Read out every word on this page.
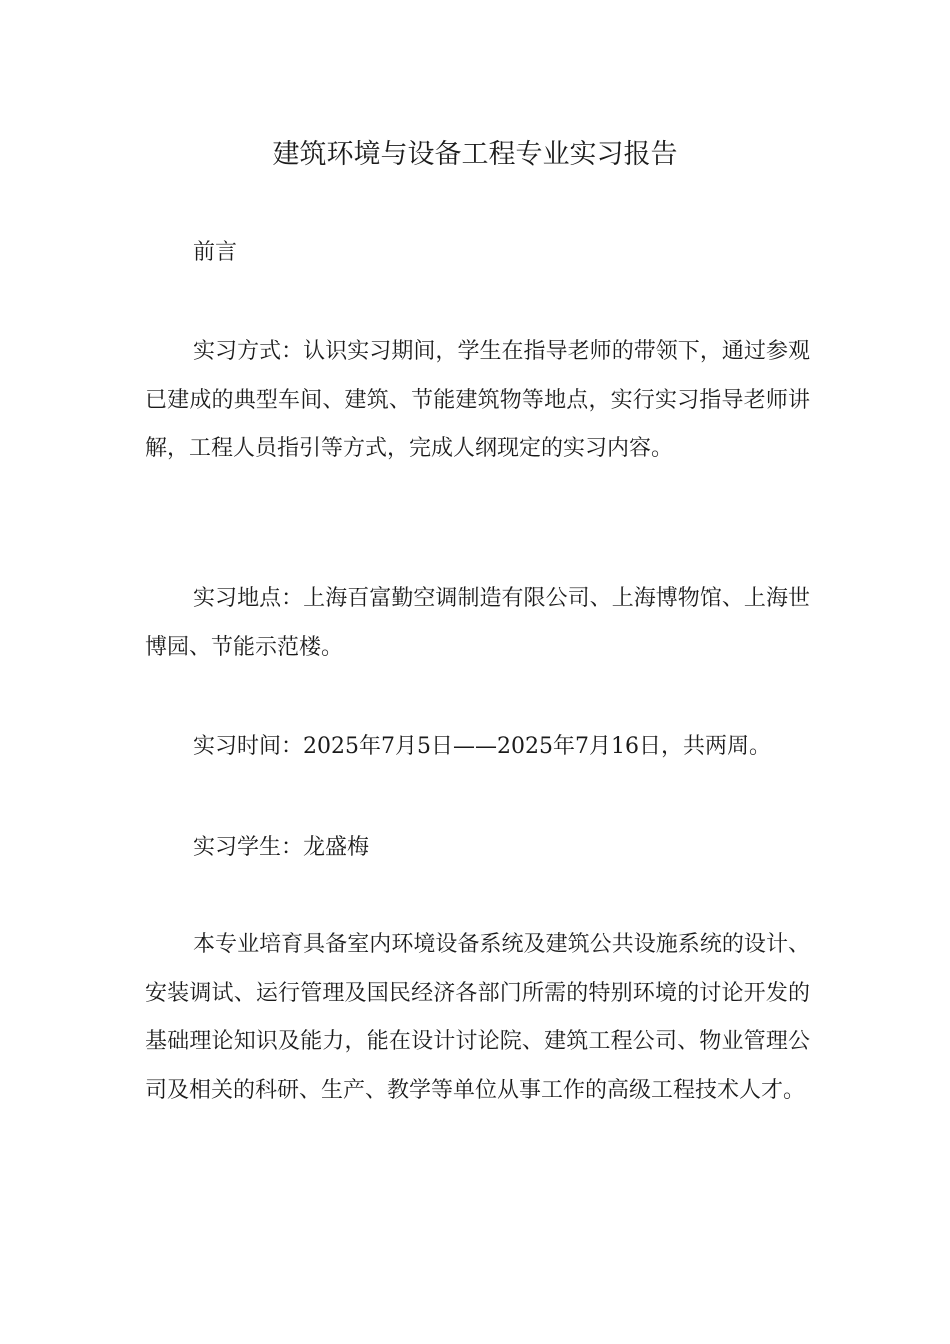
建筑环境与设备工程专业实习报告

前言

实习方式：认识实习期间，学生在指导老师的带领下，通过参观已建成的典型车间、建筑、节能建筑物等地点，实行实习指导老师讲解，工程人员指引等方式，完成人纲现定的实习内容。

实习地点：上海百富勤空调制造有限公司、上海博物馆、上海世博园、节能示范楼。

实习时间：2025年7月5日——2025年7月16日，共两周。

实习学生：龙盛梅

本专业培育具备室内环境设备系统及建筑公共设施系统的设计、安装调试、运行管理及国民经济各部门所需的特别环境的讨论开发的基础理论知识及能力，能在设计讨论院、建筑工程公司、物业管理公司及相关的科研、生产、教学等单位从事工作的高级工程技术人才。
